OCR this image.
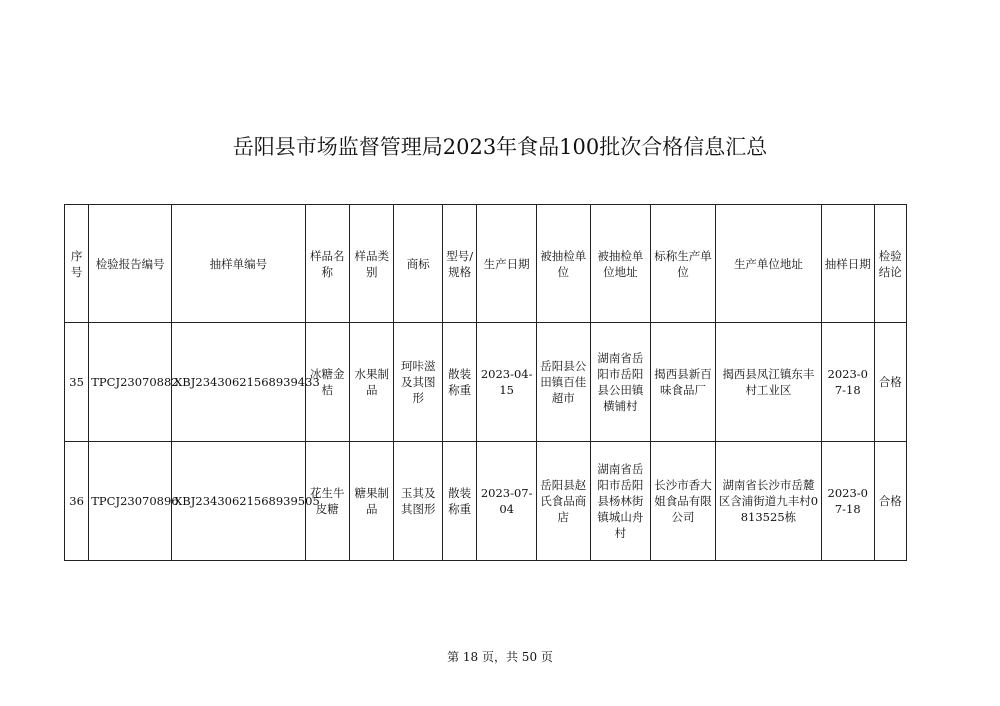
岳阳县市场监督管理局2023年食品100批次合格信息汇总
序号	检验报告编号	抽样单编号	样品名称	样品类别	商标	型号/规格	生产日期	被抽检单位	被抽检单位地址	标称生产单位	生产单位地址	抽样日期	检验结论
35	TPCJ23070882	XBJ23430621568939433	冰糖金桔	水果制品	珂咔滋及其图形	散装称重	2023-04-15	岳阳县公田镇百佳超市	湖南省岳阳市岳阳县公田镇横铺村	揭西县新百味食品厂	揭西县凤江镇东丰村工业区	2023-07-18	合格
36	TPCJ23070896	XBJ23430621568939505	花生牛皮糖	糖果制品	玉其及其图形	散装称重	2023-07-04	岳阳县赵氏食品商店	湖南省岳阳市岳阳县杨林街镇城山舟村	长沙市香大姐食品有限公司	湖南省长沙市岳麓区含浦街道九丰村0813525栋	2023-07-18	合格
第 18 页，共 50 页
